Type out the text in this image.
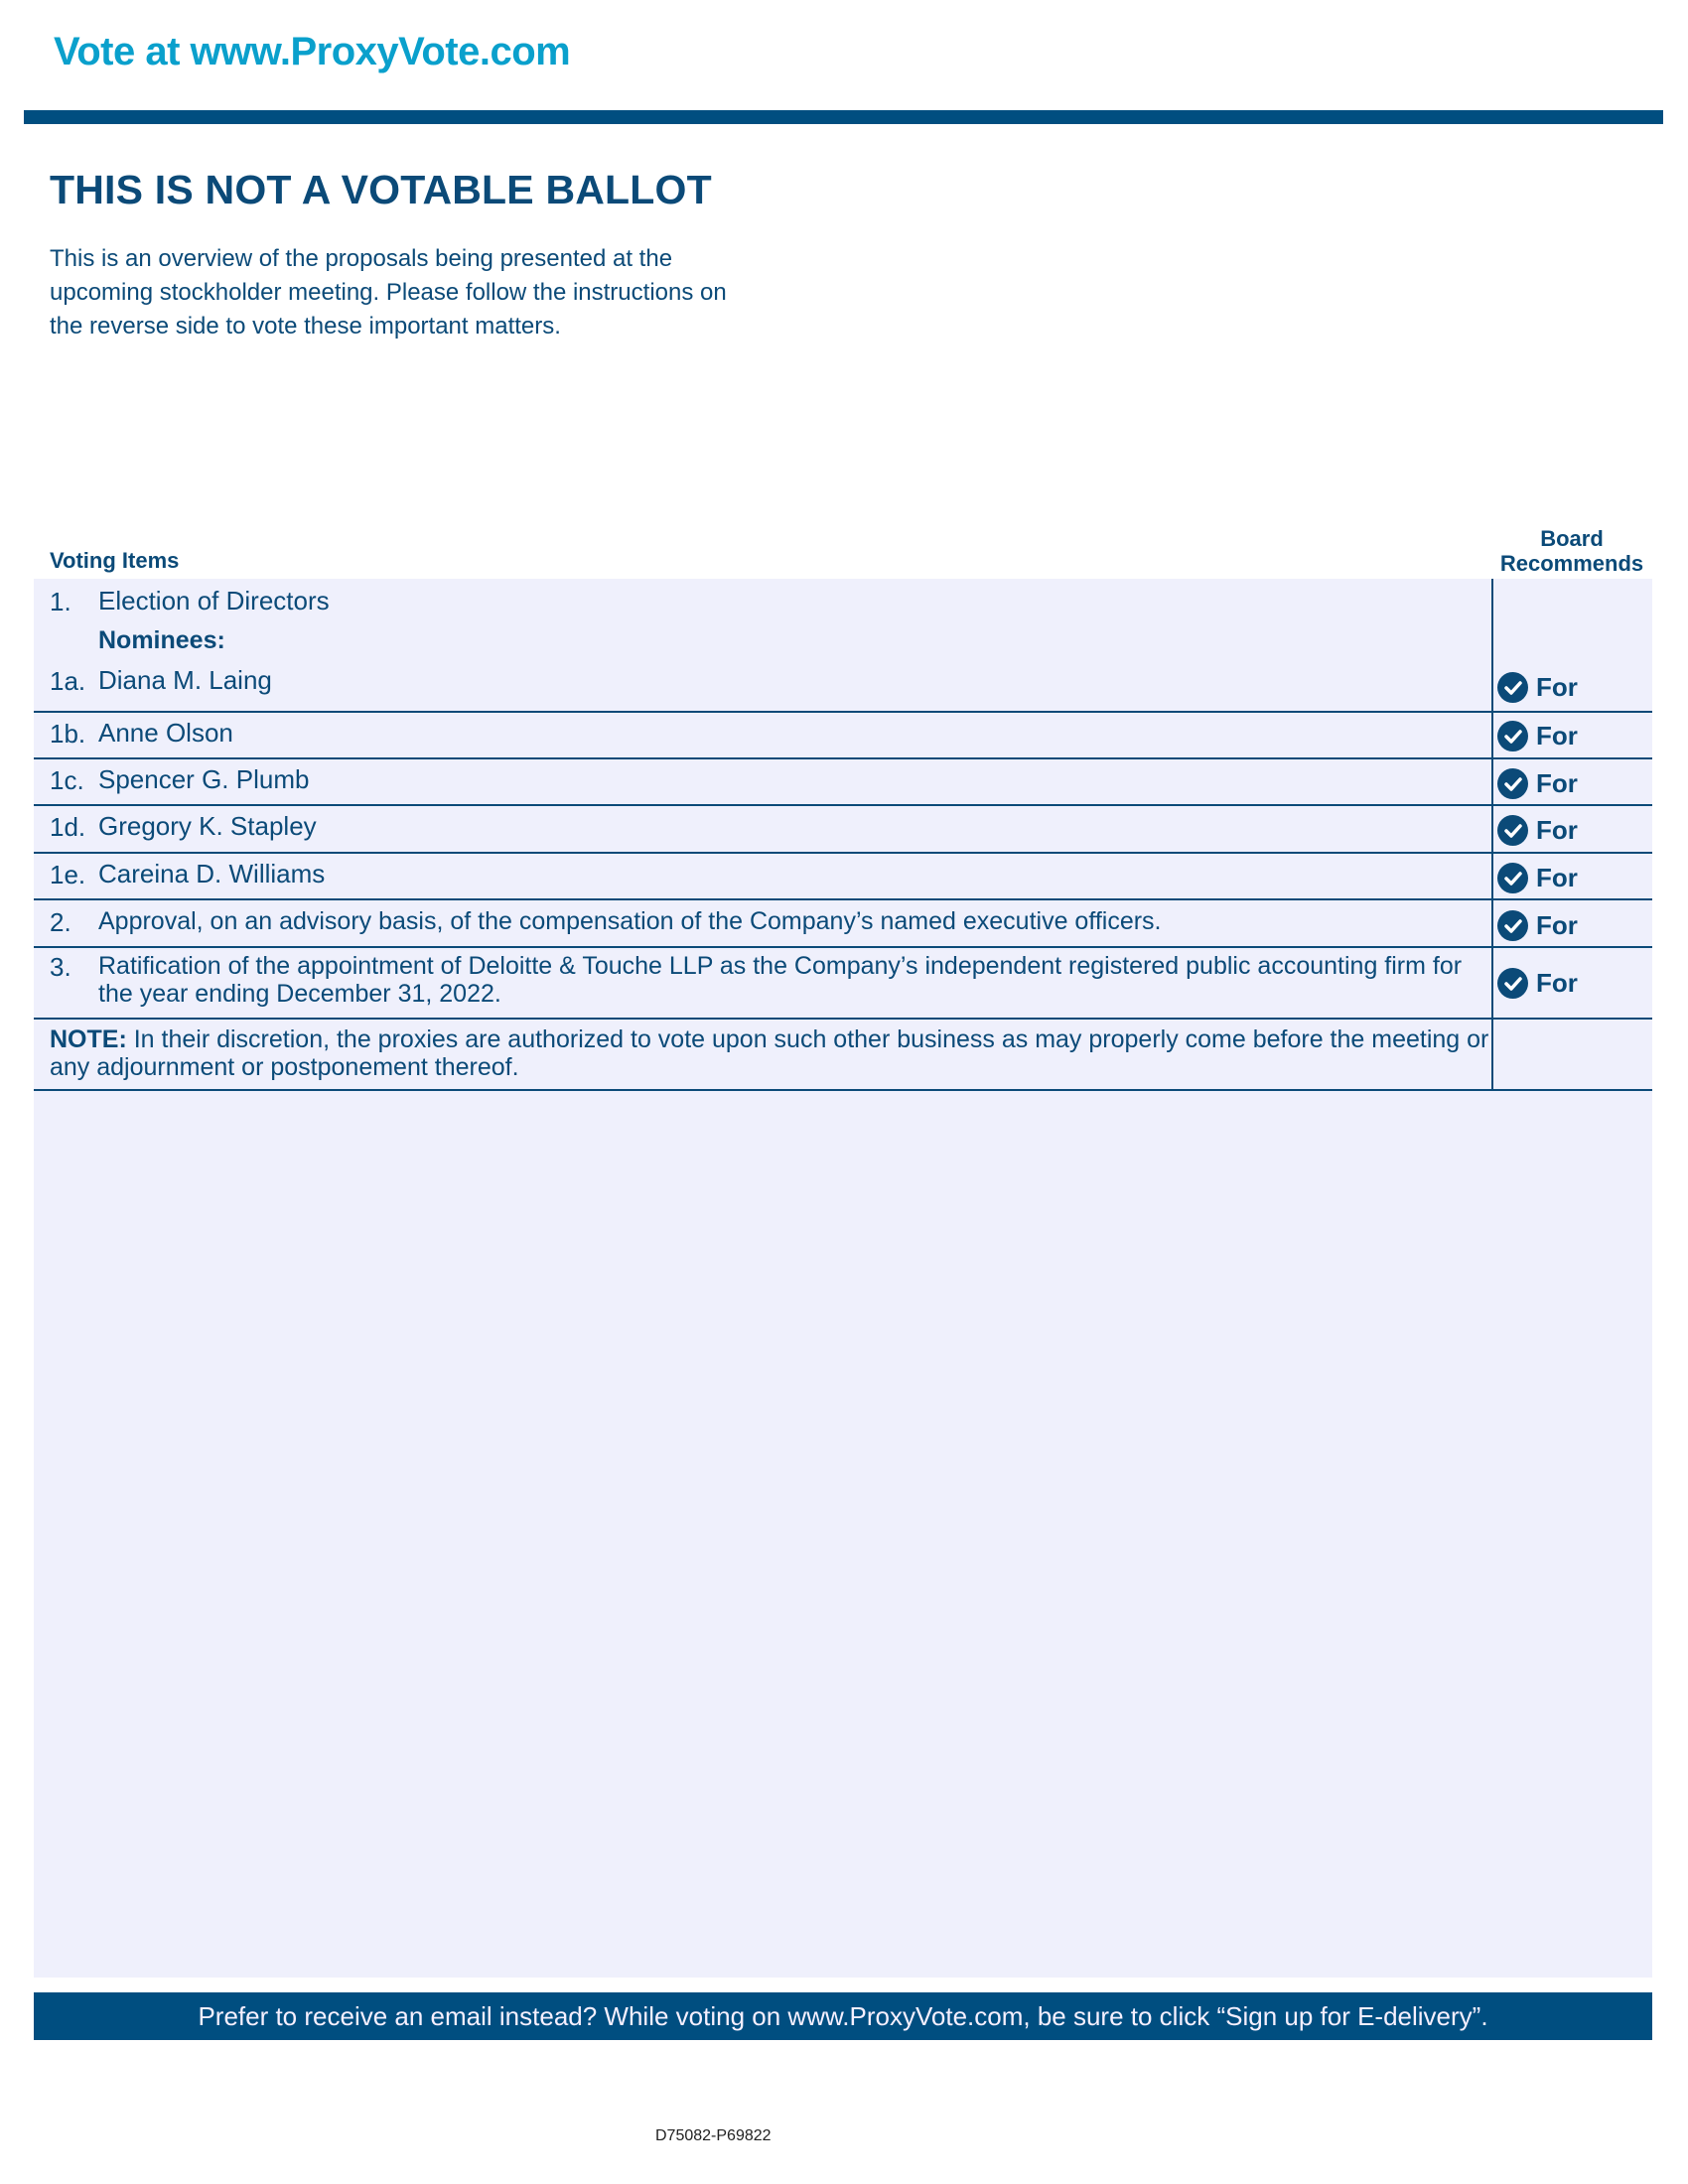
Vote at www.ProxyVote.com
THIS IS NOT A VOTABLE BALLOT
This is an overview of the proposals being presented at the
upcoming stockholder meeting. Please follow the instructions on
the reverse side to vote these important matters.
Voting Items
Board
Recommends
1. Election of Directors
Nominees:
1a. Diana M. Laing	For
1b. Anne Olson	For
1c. Spencer G. Plumb	For
1d. Gregory K. Stapley	For
1e. Careina D. Williams	For
2. Approval, on an advisory basis, of the compensation of the Company’s named executive officers.	For
3. Ratification of the appointment of Deloitte & Touche LLP as the Company’s independent registered public accounting firm for the year ending December 31, 2022.	For
NOTE: In their discretion, the proxies are authorized to vote upon such other business as may properly come before the meeting or any adjournment or postponement thereof.
Prefer to receive an email instead? While voting on www.ProxyVote.com, be sure to click “Sign up for E-delivery”.
D75082-P69822
